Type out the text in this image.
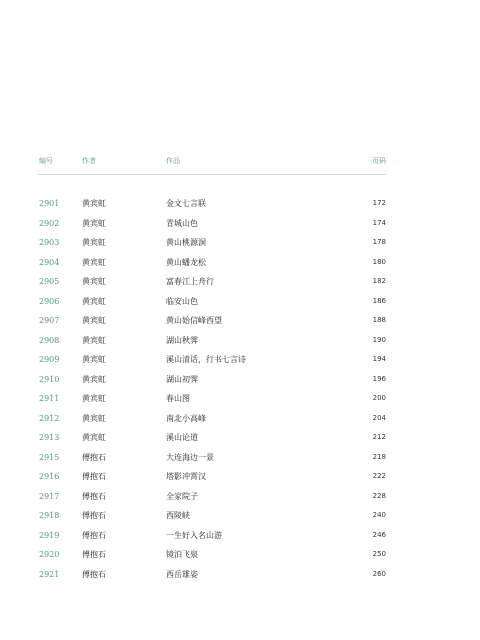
编号	作者	作品	页码
2901	黄宾虹	金文七言联	172
2902	黄宾虹	青城山色	174
2903	黄宾虹	黄山桃源洞	178
2904	黄宾虹	黄山蟠龙松	180
2905	黄宾虹	富春江上舟行	182
2906	黄宾虹	临安山色	186
2907	黄宾虹	黄山始信峰西望	188
2908	黄宾虹	湖山秋霁	190
2909	黄宾虹	溪山清话，行书七言诗	194
2910	黄宾虹	湖山初霁	196
2911	黄宾虹	春山图	200
2912	黄宾虹	南北小高峰	204
2913	黄宾虹	溪山论道	212
2915	傅抱石	大连海边一景	218
2916	傅抱石	塔影冲霄汉	222
2917	傅抱石	全家院子	228
2918	傅抱石	西陵峡	240
2919	傅抱石	一生好入名山游	246
2920	傅抱石	镜泊飞泉	250
2921	傅抱石	西岳雄姿	260
